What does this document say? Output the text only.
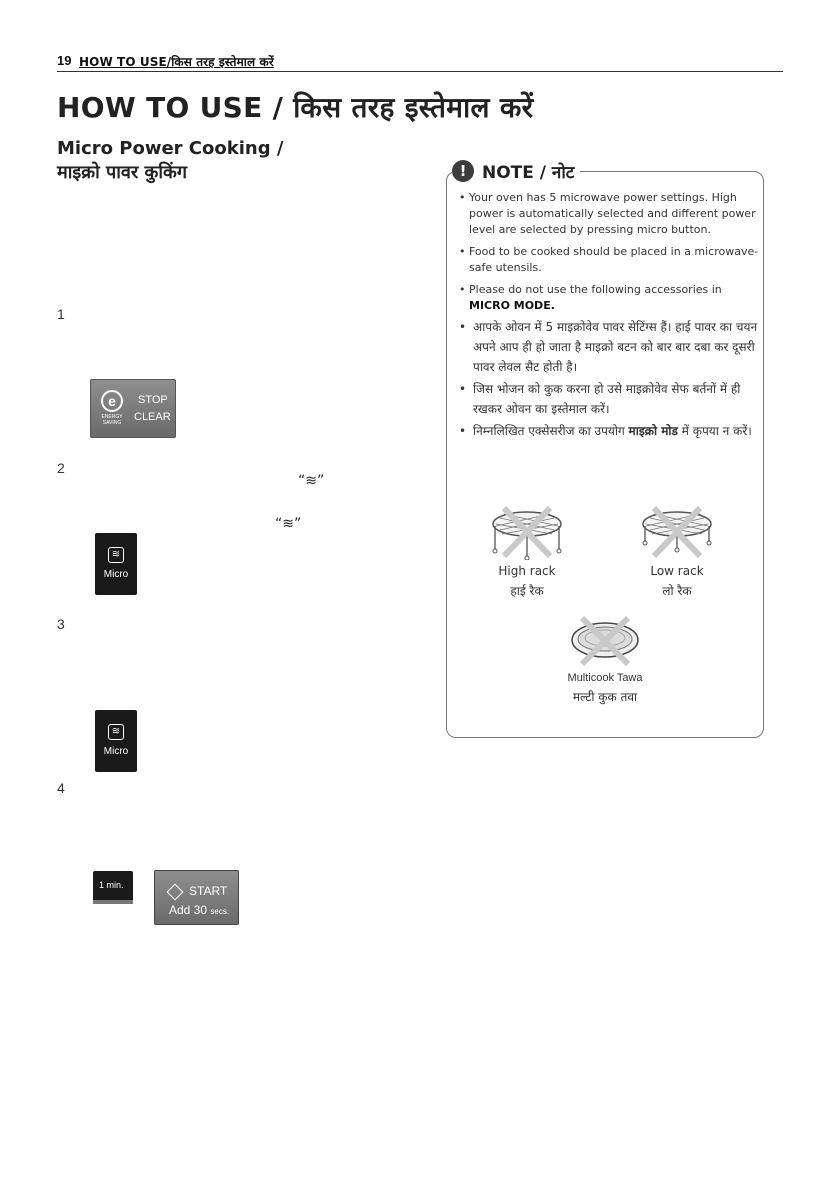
19 HOW TO USE/किस तरह इस्तेमाल करें
HOW TO USE / किस तरह इस्तेमाल करें
Micro Power Cooking /
माइक्रो पावर कुकिंग
1
e
ENERGY SAVING
STOP
CLEAR
2
“≋”
“≋”
≋
Micro
3
≋
Micro
4
1 min.	START
Add 30 secs.
! NOTE / नोट
• Your oven has 5 microwave power settings. High power is automatically selected and different power level are selected by pressing micro button.
• Food to be cooked should be placed in a microwave-safe utensils.
• Please do not use the following accessories in
MICRO MODE.
• आपके ओवन में 5 माइक्रोवेव पावर सेटिंग्स हैं। हाई पावर का चयन अपने आप ही हो जाता है माइक्रो बटन को बार बार दबा कर दूसरी पावर लेवल सैट होती है।
• जिस भोजन को कुक करना हो उसे माइक्रोवेव सेफ बर्तनों में ही रखकर ओवन का इस्तेमाल करें।
• निम्नलिखित एक्सेसरीज का उपयोग माइक्रो मोड में कृपया न करें।
High rack
हाई रैक
Low rack
लो रैक
Multicook Tawa
मल्टी कुक तवा
